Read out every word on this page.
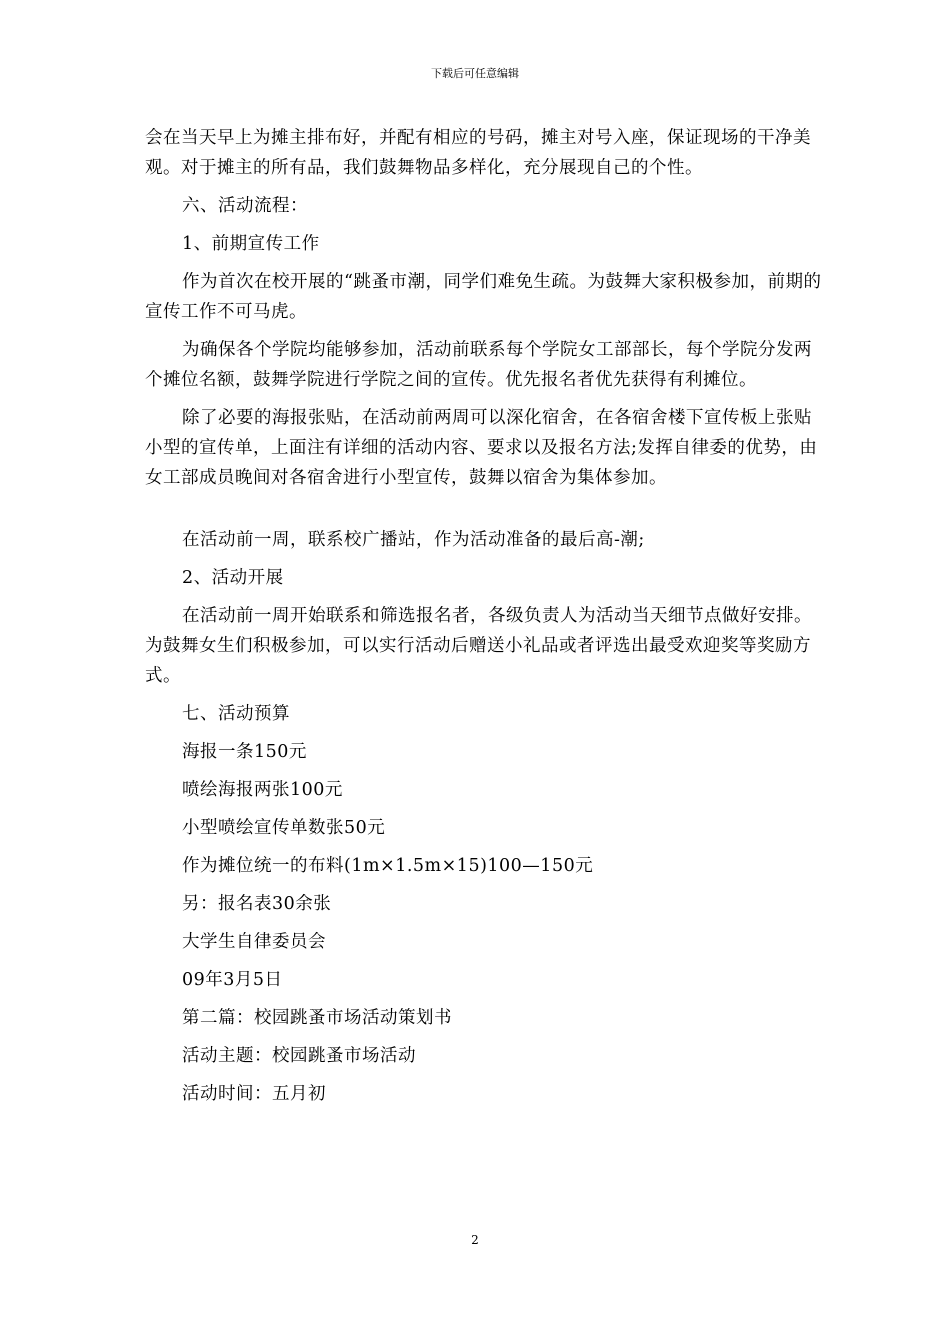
下载后可任意编辑

会在当天早上为摊主排布好，并配有相应的号码，摊主对号入座，保证现场的干净美观。对于摊主的所有品，我们鼓舞物品多样化，充分展现自己的个性。

六、活动流程：

1、前期宣传工作

作为首次在校开展的“跳蚤市潮，同学们难免生疏。为鼓舞大家积极参加，前期的宣传工作不可马虎。

为确保各个学院均能够参加，活动前联系每个学院女工部部长，每个学院分发两个摊位名额，鼓舞学院进行学院之间的宣传。优先报名者优先获得有利摊位。

除了必要的海报张贴，在活动前两周可以深化宿舍，在各宿舍楼下宣传板上张贴小型的宣传单，上面注有详细的活动内容、要求以及报名方法;发挥自律委的优势，由女工部成员晚间对各宿舍进行小型宣传，鼓舞以宿舍为集体参加。

在活动前一周，联系校广播站，作为活动准备的最后高-潮;

2、活动开展

在活动前一周开始联系和筛选报名者，各级负责人为活动当天细节点做好安排。为鼓舞女生们积极参加，可以实行活动后赠送小礼品或者评选出最受欢迎奖等奖励方式。

七、活动预算

海报一条150元

喷绘海报两张100元

小型喷绘宣传单数张50元

作为摊位统一的布料(1m×1.5m×15)100—150元

另：报名表30余张

大学生自律委员会

09年3月5日

第二篇：校园跳蚤市场活动策划书

活动主题：校园跳蚤市场活动

活动时间：五月初

2
